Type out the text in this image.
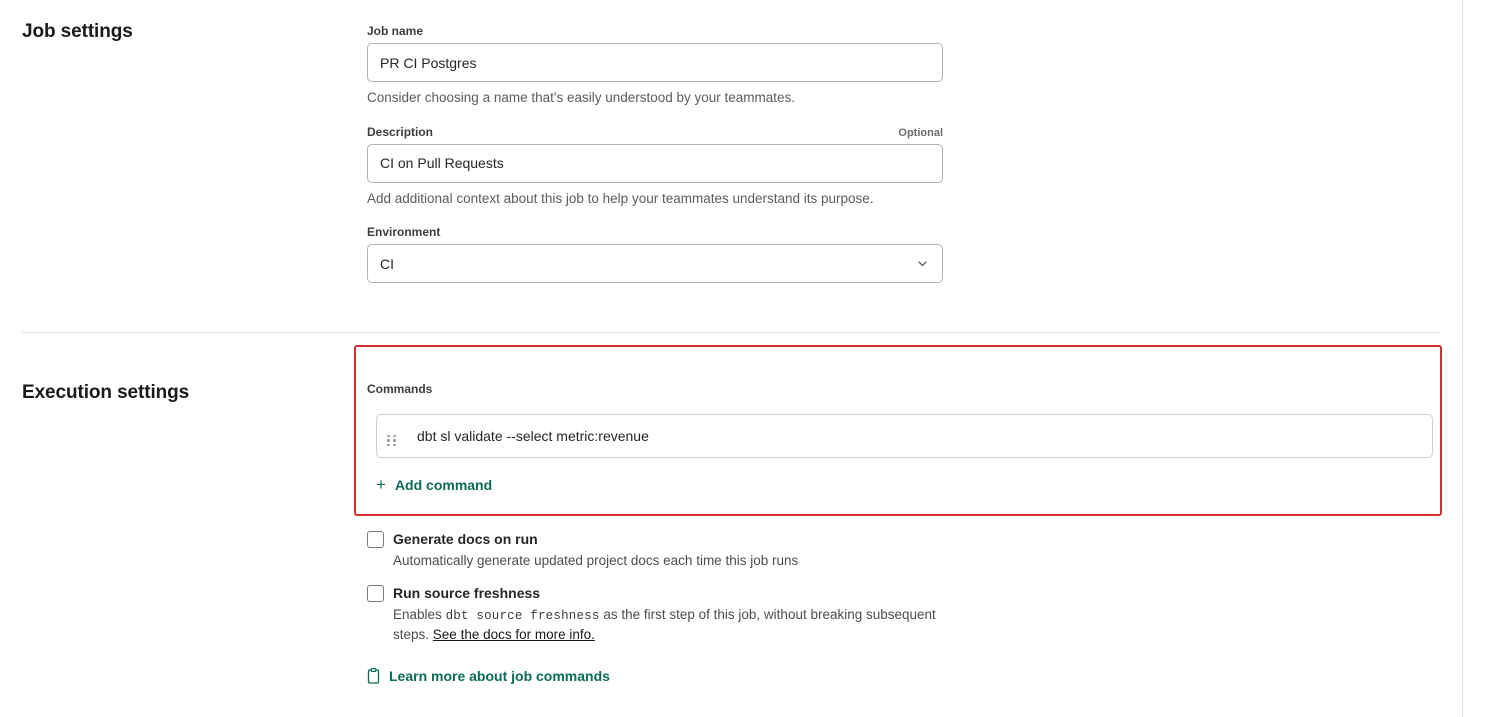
Job settings	Job name
PR CI Postgres
Consider choosing a name that's easily understood by your teammates.
Description	Optional
CI on Pull Requests
Add additional context about this job to help your teammates understand its purpose.
Environment
CI
Execution settings	Commands
dbt sl validate --select metric:revenue
+ Add command
Generate docs on run
Automatically generate updated project docs each time this job runs
Run source freshness
Enables dbt source freshness as the first step of this job, without breaking subsequent steps. See the docs for more info.
Learn more about job commands
